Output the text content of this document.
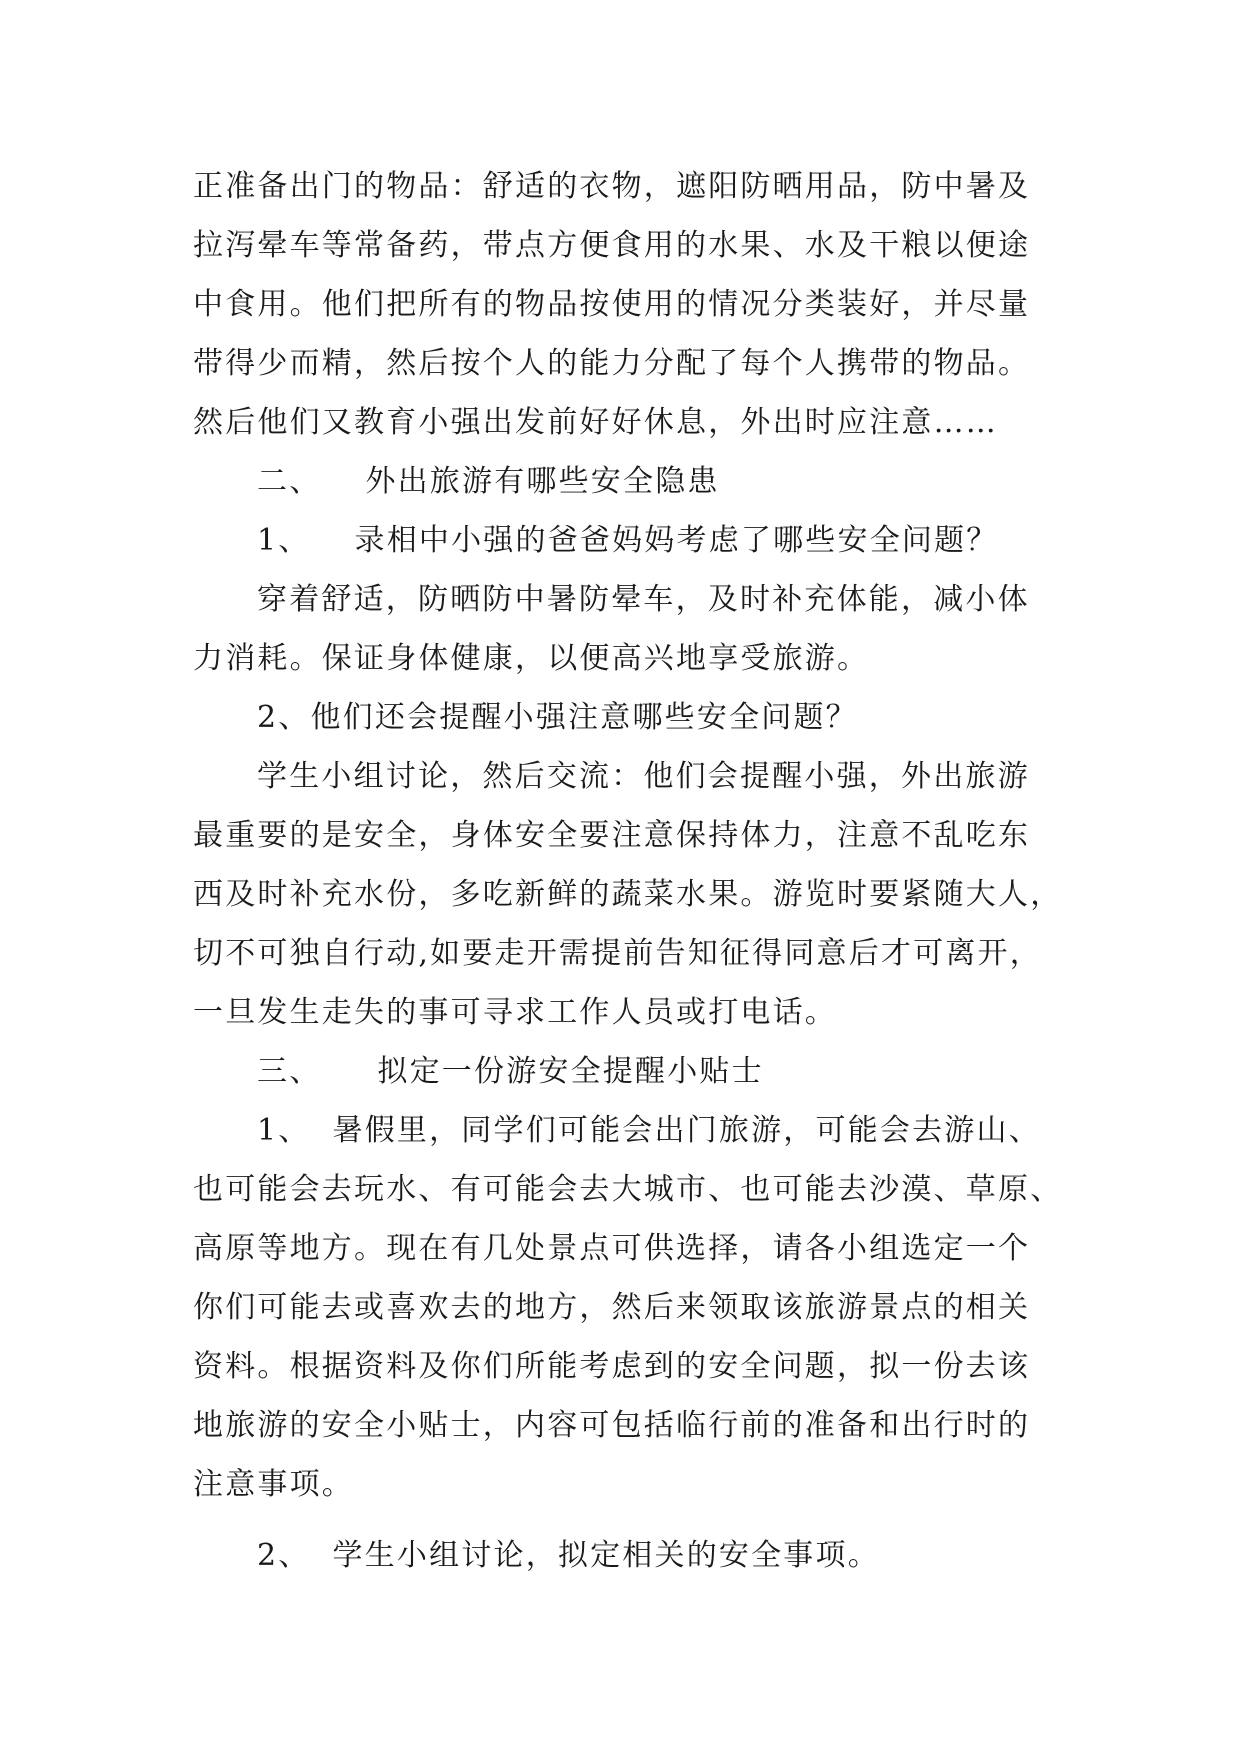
正准备出门的物品：舒适的衣物，遮阳防晒用品，防中暑及
拉泻晕车等常备药，带点方便食用的水果、水及干粮以便途
中食用。他们把所有的物品按使用的情况分类装好，并尽量
带得少而精，然后按个人的能力分配了每个人携带的物品。
然后他们又教育小强出发前好好休息，外出时应注意……
二、 外出旅游有哪些安全隐患
1、 录相中小强的爸爸妈妈考虑了哪些安全问题？
穿着舒适，防晒防中暑防晕车，及时补充体能，减小体
力消耗。保证身体健康，以便高兴地享受旅游。
2、他们还会提醒小强注意哪些安全问题？
学生小组讨论，然后交流：他们会提醒小强，外出旅游
最重要的是安全，身体安全要注意保持体力，注意不乱吃东
西及时补充水份，多吃新鲜的蔬菜水果。游览时要紧随大人，
切不可独自行动,如要走开需提前告知征得同意后才可离开，
一旦发生走失的事可寻求工作人员或打电话。
三、 拟定一份游安全提醒小贴士
1、 暑假里，同学们可能会出门旅游，可能会去游山、
也可能会去玩水、有可能会去大城市、也可能去沙漠、草原、
高原等地方。现在有几处景点可供选择，请各小组选定一个
你们可能去或喜欢去的地方，然后来领取该旅游景点的相关
资料。根据资料及你们所能考虑到的安全问题，拟一份去该
地旅游的安全小贴士，内容可包括临行前的准备和出行时的
注意事项。
2、 学生小组讨论，拟定相关的安全事项。
